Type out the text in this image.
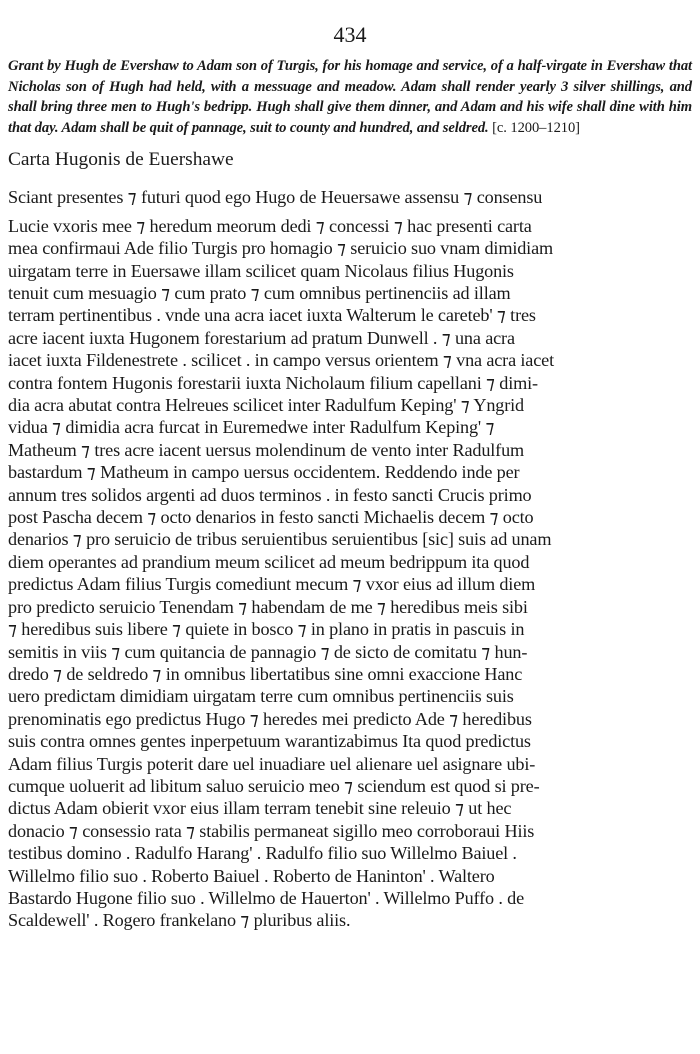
434

Grant by Hugh de Evershaw to Adam son of Turgis, for his homage and service, of a half-virgate in Evershaw that Nicholas son of Hugh had held, with a messuage and meadow. Adam shall render yearly 3 silver shillings, and shall bring three men to Hugh's bedripp. Hugh shall give them dinner, and Adam and his wife shall dine with him that day. Adam shall be quit of pannage, suit to county and hundred, and seldred. [c. 1200–1210]

Carta Hugonis de Euershawe
Sciant presentes ⁊ futuri quod ego Hugo de Heuersawe assensu ⁊ consensu
Lucie vxoris mee ⁊ heredum meorum dedi ⁊ concessi ⁊ hac presenti carta
mea confirmaui Ade filio Turgis pro homagio ⁊ seruicio suo vnam dimidiam
uirgatam terre in Euersawe illam scilicet quam Nicolaus filius Hugonis
tenuit cum mesuagio ⁊ cum prato ⁊ cum omnibus pertinenciis ad illam
terram pertinentibus . vnde una acra iacet iuxta Walterum le careteb' ⁊ tres
acre iacent iuxta Hugonem forestarium ad pratum Dunwell . ⁊ una acra
iacet iuxta Fildenestrete . scilicet . in campo versus orientem ⁊ vna acra iacet
contra fontem Hugonis forestarii iuxta Nicholaum filium capellani ⁊ dimi-
dia acra abutat contra Helreues scilicet inter Radulfum Keping' ⁊ Yngrid
vidua ⁊ dimidia acra furcat in Euremedwe inter Radulfum Keping' ⁊
Matheum ⁊ tres acre iacent uersus molendinum de vento inter Radulfum
bastardum ⁊ Matheum in campo uersus occidentem. Reddendo inde per
annum tres solidos argenti ad duos terminos . in festo sancti Crucis primo
post Pascha decem ⁊ octo denarios in festo sancti Michaelis decem ⁊ octo
denarios ⁊ pro seruicio de tribus seruientibus seruientibus [sic] suis ad unam
diem operantes ad prandium meum scilicet ad meum bedrippum ita quod
predictus Adam filius Turgis comediunt mecum ⁊ vxor eius ad illum diem
pro predicto seruicio Tenendam ⁊ habendam de me ⁊ heredibus meis sibi
⁊ heredibus suis libere ⁊ quiete in bosco ⁊ in plano in pratis in pascuis in
semitis in viis ⁊ cum quitancia de pannagio ⁊ de sicto de comitatu ⁊ hun-
dredo ⁊ de seldredo ⁊ in omnibus libertatibus sine omni exaccione Hanc
uero predictam dimidiam uirgatam terre cum omnibus pertinenciis suis
prenominatis ego predictus Hugo ⁊ heredes mei predicto Ade ⁊ heredibus
suis contra omnes gentes inperpetuum warantizabimus Ita quod predictus
Adam filius Turgis poterit dare uel inuadiare uel alienare uel asignare ubi-
cumque uoluerit ad libitum saluo seruicio meo ⁊ sciendum est quod si pre-
dictus Adam obierit vxor eius illam terram tenebit sine releuio ⁊ ut hec
donacio ⁊ consessio rata ⁊ stabilis permaneat sigillo meo corroboraui Hiis
testibus domino . Radulfo Harang' . Radulfo filio suo Willelmo Baiuel .
Willelmo filio suo . Roberto Baiuel . Roberto de Haninton' . Waltero
Bastardo Hugone filio suo . Willelmo de Hauerton' . Willelmo Puffo . de
Scaldewell' . Rogero frankelano ⁊ pluribus aliis.
